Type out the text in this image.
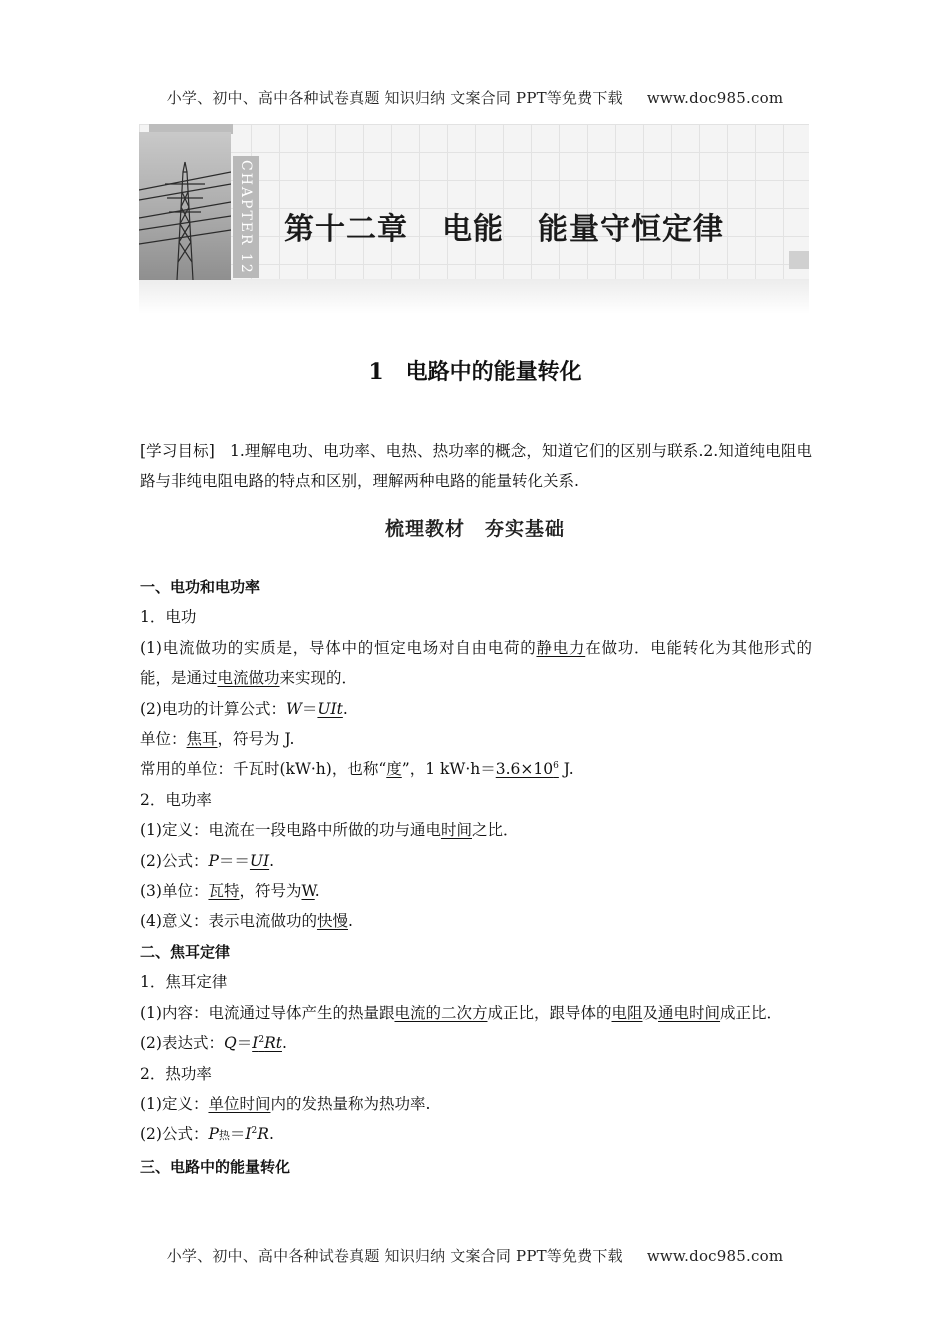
小学、初中、高中各种试卷真题 知识归纳 文案合同 PPT等免费下载 www.doc985.com
CHAPTER 12 第十二章 电能 能量守恒定律
1 电路中的能量转化
[学习目标] 1.理解电功、电功率、电热、热功率的概念，知道它们的区别与联系.2.知道纯电阻电路与非纯电阻电路的特点和区别，理解两种电路的能量转化关系.
梳理教材　夯实基础
一、电功和电功率
1．电功
(1)电流做功的实质是，导体中的恒定电场对自由电荷的静电力在做功．电能转化为其他形式的能，是通过电流做功来实现的．
(2)电功的计算公式：W＝UIt.
单位：焦耳，符号为 J.
常用的单位：千瓦时(kW·h)，也称“度”，1 $kW\cdot h=3.6\times 10^6$ J.
2．电功率
(1)定义：电流在一段电路中所做的功与通电时间之比．
(2)公式：P＝＝UI.
(3)单位：瓦特，符号为W.
(4)意义：表示电流做功的快慢.
二、焦耳定律
1．焦耳定律
(1)内容：电流通过导体产生的热量跟电流的二次方成正比，跟导体的电阻及通电时间成正比．
(2)表达式：$Q=I^2Rt$.
2．热功率
(1)定义：单位时间内的发热量称为热功率.
(2)公式：P热$=I^2R$.
三、电路中的能量转化
小学、初中、高中各种试卷真题 知识归纳 文案合同 PPT等免费下载 www.doc985.com
